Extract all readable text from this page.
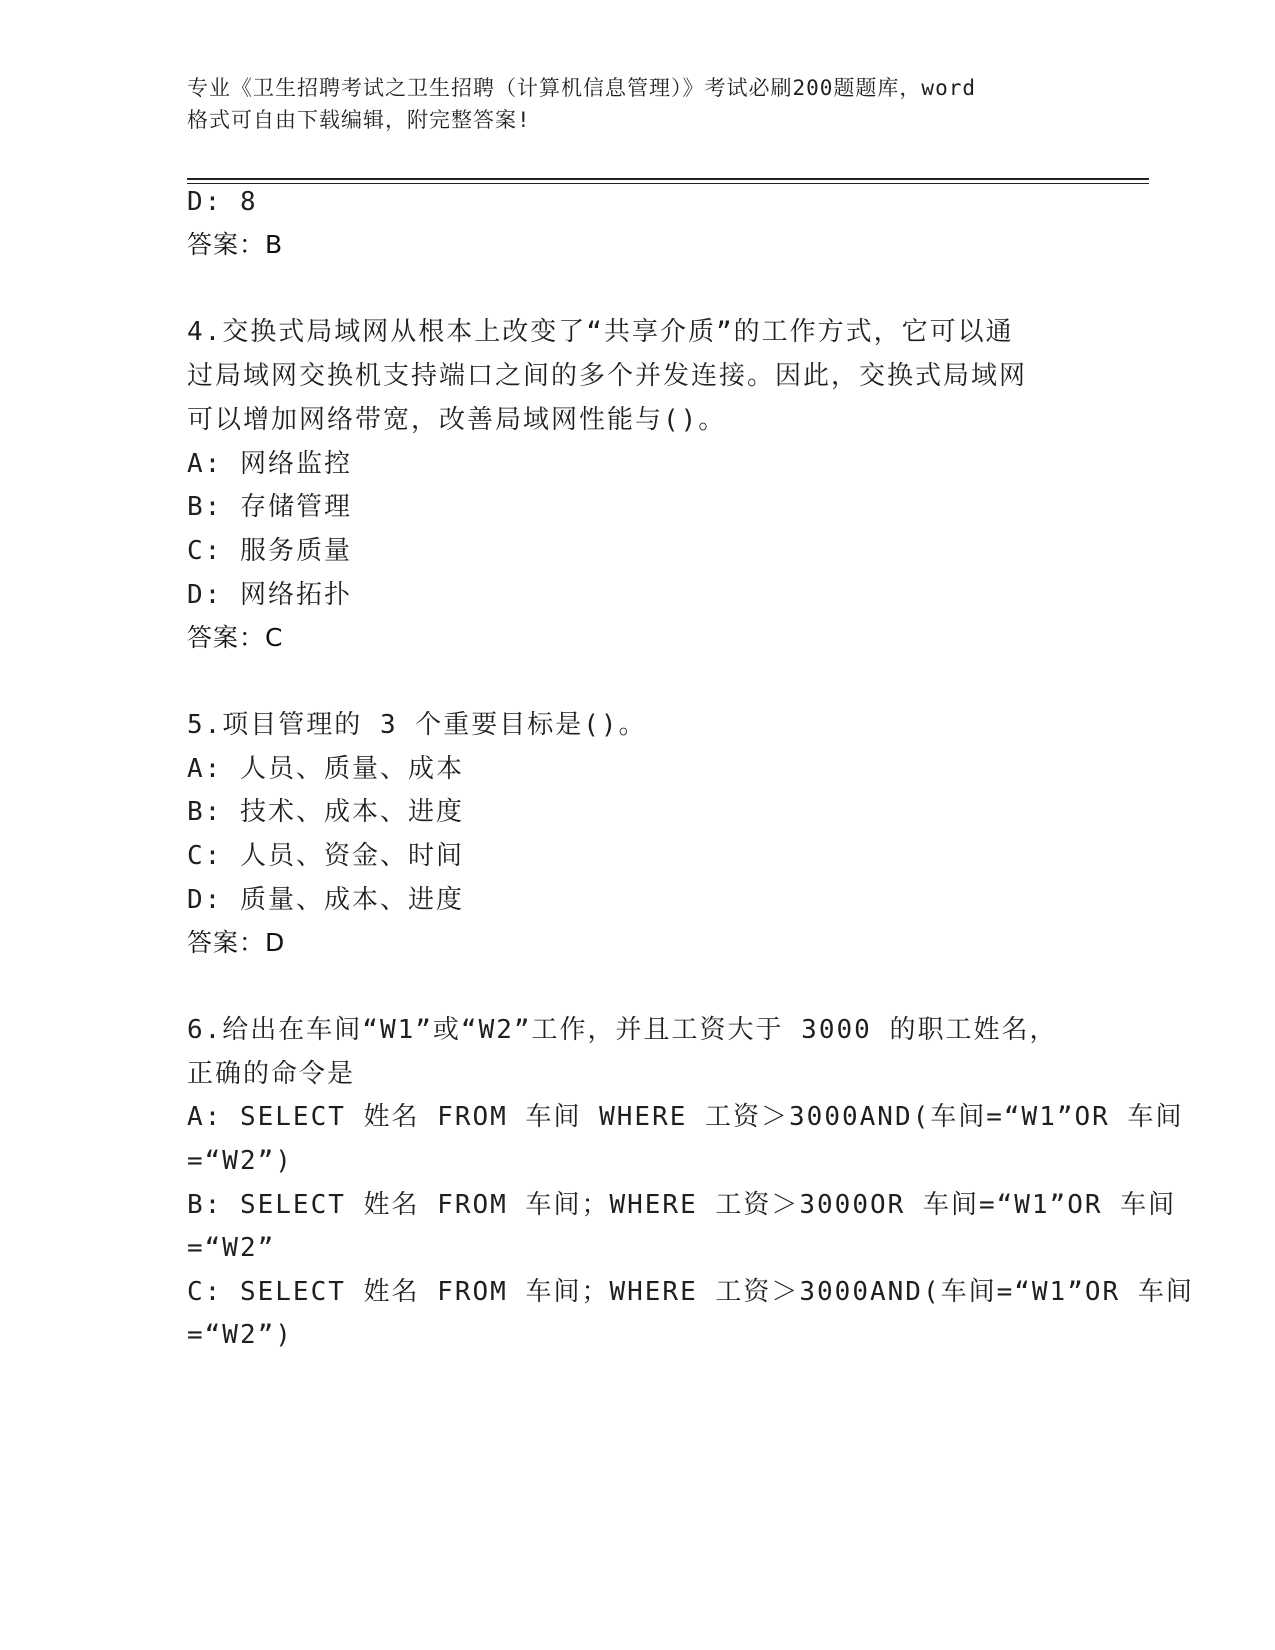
专业《卫生招聘考试之卫生招聘（计算机信息管理）》考试必刷200题题库，word
格式可自由下载编辑，附完整答案!
D: 8
答案：B
4.交换式局域网从根本上改变了“共享介质”的工作方式，它可以通
过局域网交换机支持端口之间的多个并发连接。因此，交换式局域网
可以增加网络带宽，改善局域网性能与()。
A: 网络监控
B: 存储管理
C: 服务质量
D: 网络拓扑
答案：C
5.项目管理的 3 个重要目标是()。
A: 人员、质量、成本
B: 技术、成本、进度
C: 人员、资金、时间
D: 质量、成本、进度
答案：D
6.给出在车间“W1”或“W2”工作，并且工资大于 3000 的职工姓名，
正确的命令是
A: SELECT 姓名 FROM 车间 WHERE 工资＞3000AND(车间=“W1”OR 车间
=“W2”)
B: SELECT 姓名 FROM 车间；WHERE 工资＞3000OR 车间=“W1”OR 车间
=“W2”
C: SELECT 姓名 FROM 车间；WHERE 工资＞3000AND(车间=“W1”OR 车间
=“W2”)
